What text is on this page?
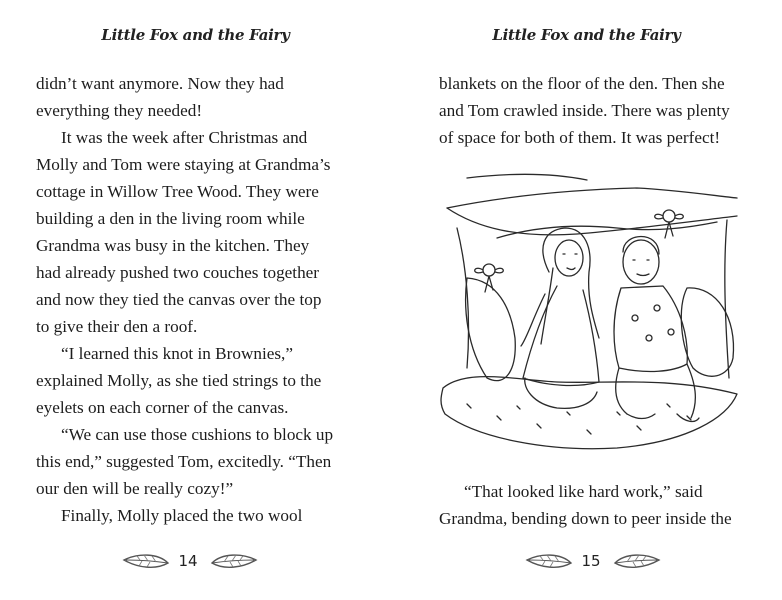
Little Fox and the Fairy
didn’t want anymore. Now they had
everything they needed!
It was the week after Christmas and
Molly and Tom were staying at Grandma’s
cottage in Willow Tree Wood. They were
building a den in the living room while
Grandma was busy in the kitchen. They
had already pushed two couches together
and now they tied the canvas over the top
to give their den a roof.
“I learned this knot in Brownies,”
explained Molly, as she tied strings to the
eyelets on each corner of the canvas.
“We can use those cushions to block up
this end,” suggested Tom, excitedly. “Then
our den will be really cozy!”
Finally, Molly placed the two wool
14
Little Fox and the Fairy
blankets on the floor of the den. Then she
and Tom crawled inside. There was plenty
of space for both of them. It was perfect!
“That looked like hard work,” said
Grandma, bending down to peer inside the
15
